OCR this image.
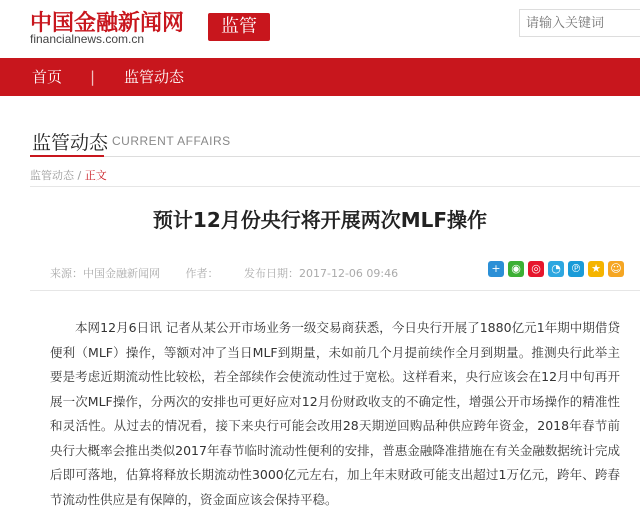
中国金融新闻网
financialnews.com.cn
监管
请输入关键词
首页 | 监管动态
监管动态 CURRENT AFFAIRS
监管动态 / 正文
预计12月份央行将开展两次MLF操作
来源：中国金融新闻网 作者： 发布日期：2017-12-06 09:46	+ ◉ ◎ ◔ ℗ ★ ☺
本网12月6日讯 记者从某公开市场业务一级交易商获悉，今日央行开展了1880亿元1年期中期借贷便利（MLF）操作，等额对冲了当日MLF到期量，未如前几个月提前续作全月到期量。推测央行此举主要是考虑近期流动性比较松，若全部续作会使流动性过于宽松。这样看来，央行应该会在12月中旬再开展一次MLF操作，分两次的安排也可更好应对12月份财政收支的不确定性，增强公开市场操作的精准性和灵活性。从过去的情况看，接下来央行可能会改用28天期逆回购品种供应跨年资金，2018年春节前央行大概率会推出类似2017年春节临时流动性便利的安排，普惠金融降准措施在有关金融数据统计完成后即可落地，估算将释放长期流动性3000亿元左右，加上年末财政可能支出超过1万亿元，跨年、跨春节流动性供应是有保障的，资金面应该会保持平稳。
